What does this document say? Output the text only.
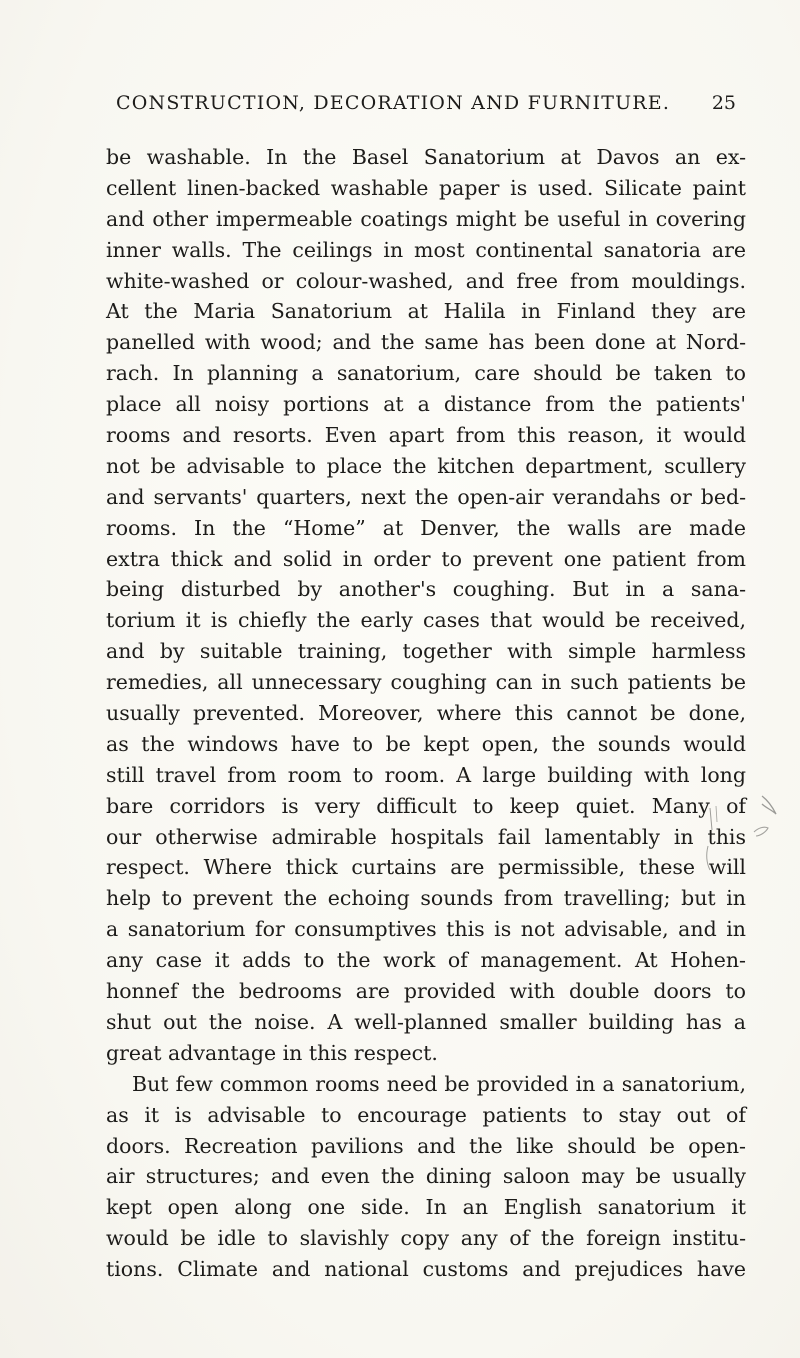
CONSTRUCTION, DECORATION AND FURNITURE. 25
be washable. In the Basel Sanatorium at Davos an ex-
cellent linen-backed washable paper is used. Silicate paint
and other impermeable coatings might be useful in covering
inner walls. The ceilings in most continental sanatoria are
white-washed or colour-washed, and free from mouldings.
At the Maria Sanatorium at Halila in Finland they are
panelled with wood; and the same has been done at Nord-
rach. In planning a sanatorium, care should be taken to
place all noisy portions at a distance from the patients'
rooms and resorts. Even apart from this reason, it would
not be advisable to place the kitchen department, scullery
and servants' quarters, next the open-air verandahs or bed-
rooms. In the “Home” at Denver, the walls are made
extra thick and solid in order to prevent one patient from
being disturbed by another's coughing. But in a sana-
torium it is chiefly the early cases that would be received,
and by suitable training, together with simple harmless
remedies, all unnecessary coughing can in such patients be
usually prevented. Moreover, where this cannot be done,
as the windows have to be kept open, the sounds would
still travel from room to room. A large building with long
bare corridors is very difficult to keep quiet. Many of
our otherwise admirable hospitals fail lamentably in this
respect. Where thick curtains are permissible, these will
help to prevent the echoing sounds from travelling; but in
a sanatorium for consumptives this is not advisable, and in
any case it adds to the work of management. At Hohen-
honnef the bedrooms are provided with double doors to
shut out the noise. A well-planned smaller building has a
great advantage in this respect.
But few common rooms need be provided in a sanatorium,
as it is advisable to encourage patients to stay out of
doors. Recreation pavilions and the like should be open-
air structures; and even the dining saloon may be usually
kept open along one side. In an English sanatorium it
would be idle to slavishly copy any of the foreign institu-
tions. Climate and national customs and prejudices have
